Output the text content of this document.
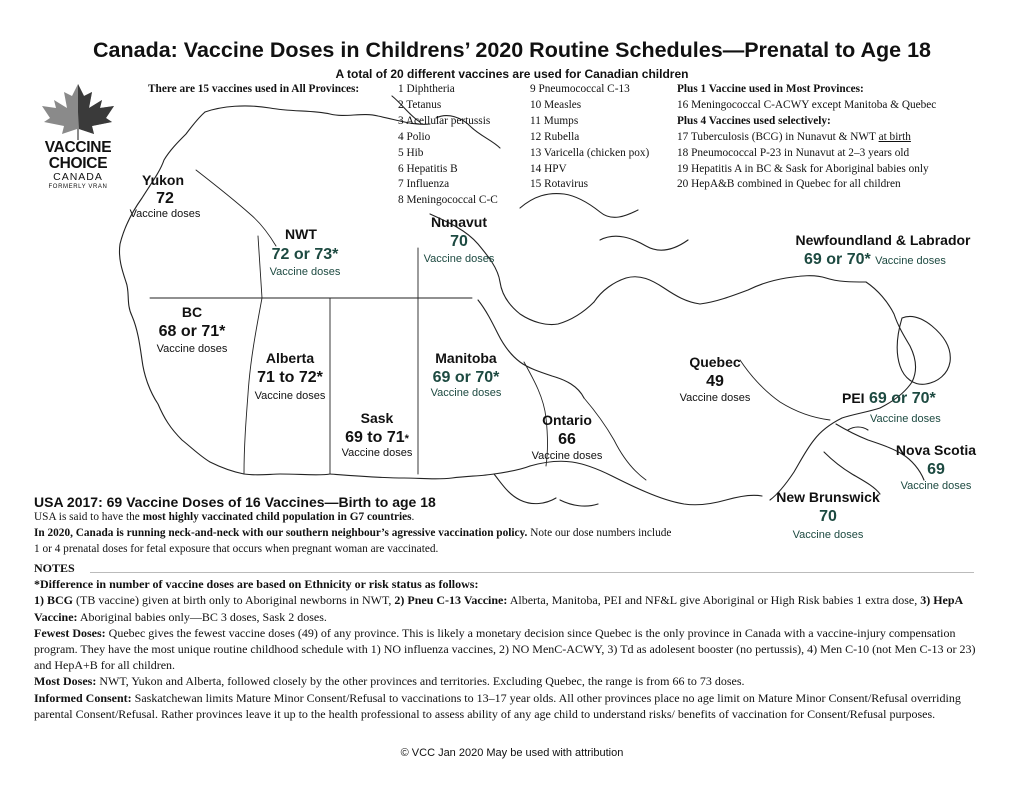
Canada: Vaccine Doses in Childrens’ 2020 Routine Schedules—Prenatal to Age 18
A total of 20 different vaccines are used for Canadian children
VACCINE
CHOICE
CANADA
FORMERLY VRAN
There are 15 vaccines used in All Provinces:	1 Diphtheria
2 Tetanus
3 Acellular pertussis
4 Polio
5 Hib
6 Hepatitis B
7 Influenza
8 Meningococcal C-C
9 Pneumococcal C-13
10 Measles
11 Mumps
12 Rubella
13 Varicella (chicken pox)
14 HPV
15 Rotavirus
Plus 1 Vaccine used in Most Provinces:
16 Meningococcal C-ACWY except Manitoba & Quebec
Plus 4 Vaccines used selectively:
17 Tuberculosis (BCG) in Nunavut & NWT at birth
18 Pneumococcal P-23 in Nunavut at 2–3 years old
19 Hepatitis A in BC & Sask for Aboriginal babies only
20 HepA&B combined in Quebec for all children
Yukon
72
Vaccine doses
NWT
72 or 73*
Vaccine doses
Nunavut
70
Vaccine doses
Newfoundland & Labrador
69 or 70* Vaccine doses
BC
68 or 71*
Vaccine doses
Alberta
71 to 72*
Vaccine doses
Sask
69 to 71*
Vaccine doses
Manitoba
69 or 70*
Vaccine doses
Ontario
66
Vaccine doses
Quebec
49
Vaccine doses	PEI 69 or 70*
Vaccine doses
Nova Scotia
69
Vaccine doses
New Brunswick
70
Vaccine doses
USA 2017: 69 Vaccine Doses of 16 Vaccines—Birth to age 18

USA is said to have the most highly vaccinated child population in G7 countries.

In 2020, Canada is running neck-and-neck with our southern neighbour’s agressive vaccination policy. Note our dose numbers include 1 or 4 prenatal doses for fetal exposure that occurs when pregnant woman are vaccinated.

NOTES

*Difference in number of vaccine doses are based on Ethnicity or risk status as follows:

1) BCG (TB vaccine) given at birth only to Aboriginal newborns in NWT, 2) Pneu C-13 Vaccine: Alberta, Manitoba, PEI and NF&L give Aboriginal or High Risk babies 1 extra dose, 3) HepA Vaccine: Aboriginal babies only—BC 3 doses, Sask 2 doses.

Fewest Doses: Quebec gives the fewest vaccine doses (49) of any province. This is likely a monetary decision since Quebec is the only province in Canada with a vaccine-injury compensation program. They have the most unique routine childhood schedule with 1) NO influenza vaccines, 2) NO MenC-ACWY, 3) Td as adolesent booster (no pertussis), 4) Men C-10 (not Men C-13 or 23) and HepA+B for all children.

Most Doses: NWT, Yukon and Alberta, followed closely by the other provinces and territories. Excluding Quebec, the range is from 66 to 73 doses.

Informed Consent: Saskatchewan limits Mature Minor Consent/Refusal to vaccinations to 13–17 year olds. All other provinces place no age limit on Mature Minor Consent/Refusal overriding parental Consent/Refusal. Rather provinces leave it up to the health professional to assess ability of any age child to understand risks/ benefits of vaccination for Consent/Refusal purposes.

© VCC Jan 2020 May be used with attribution
